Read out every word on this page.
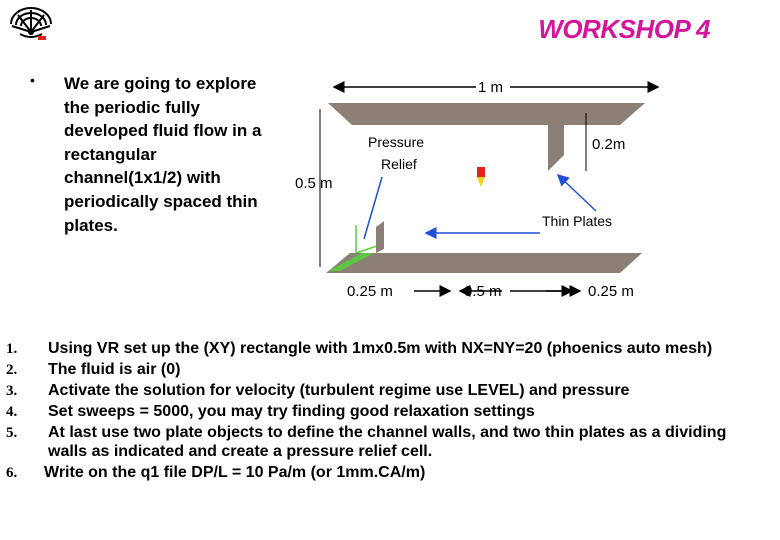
WORKSHOP 4
• We are going to explore the periodic fully developed fluid flow in a rectangular channel(1x1/2) with periodically spaced thin plates.
1 m
0.5 m
Pressure
Relief
0.2m
Thin Plates
0.25 m	0.5 m	0.25 m
1.	Using VR set up the (XY) rectangle with 1mx0.5m with NX=NY=20 (phoenics auto mesh)
2.	The fluid is air (0)
3.	Activate the solution for velocity (turbulent regime use LEVEL) and pressure
4.	Set sweeps = 5000, you may try finding good relaxation settings
5.	At last use two plate objects to define the channel walls, and two thin plates as a dividing walls as indicated and create a pressure relief cell.
6.	Write on the q1 file DP/L = 10 Pa/m (or 1mm.CA/m)
